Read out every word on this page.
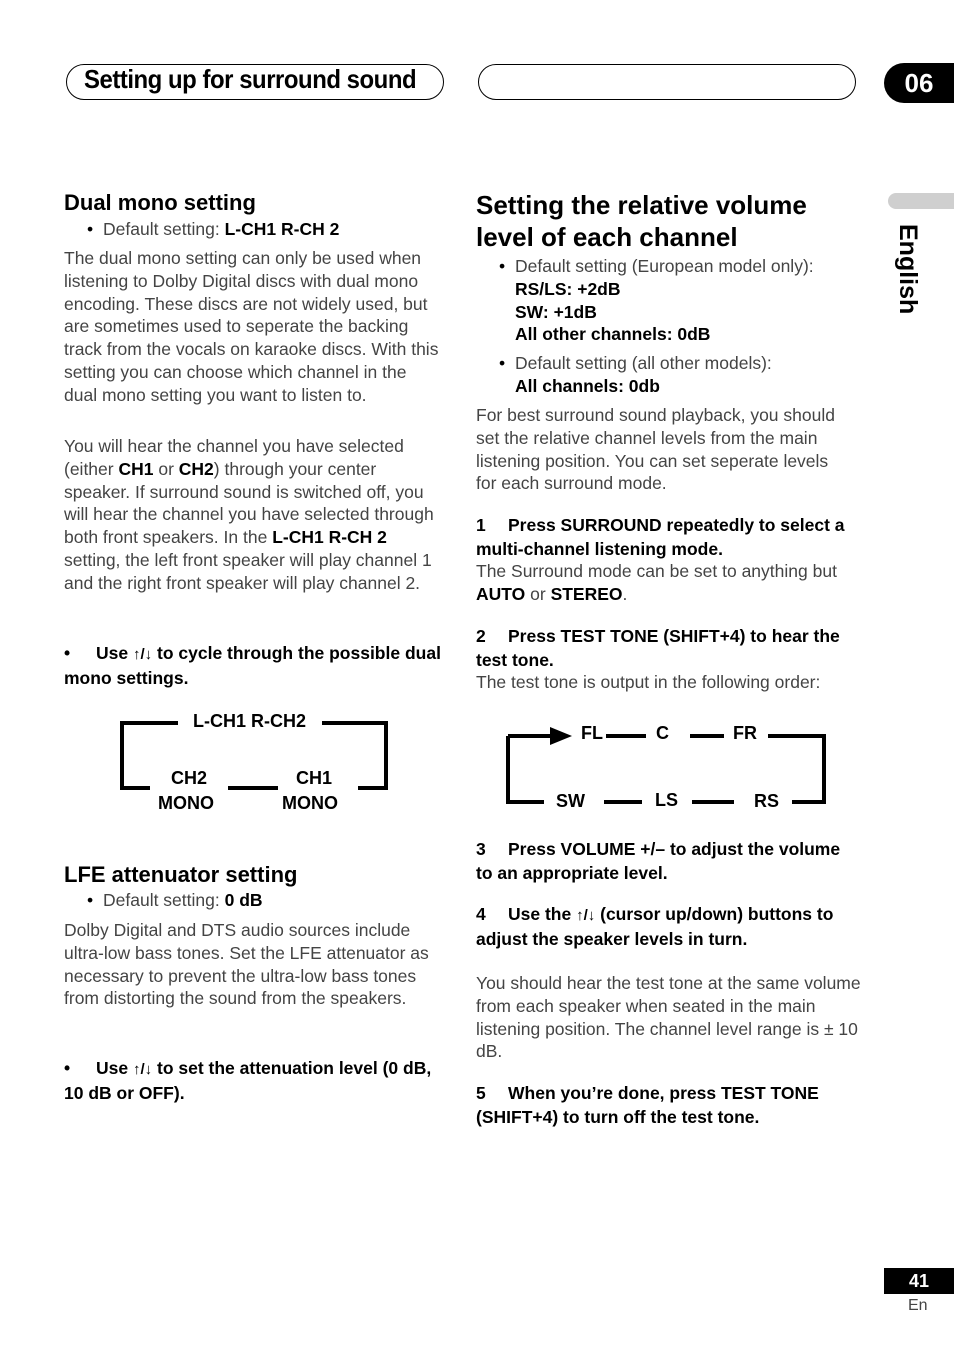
Setting up for surround sound	06
English
Dual mono setting
• Default setting: L-CH1 R-CH 2
The dual mono setting can only be used when listening to Dolby Digital discs with dual mono encoding. These discs are not widely used, but are sometimes used to seperate the backing track from the vocals on karaoke discs. With this setting you can choose which channel in the dual mono setting you want to listen to.
You will hear the channel you have selected (either CH1 or CH2) through your center speaker. If surround sound is switched off, you will hear the channel you have selected through both front speakers. In the L-CH1 R-CH 2 setting, the left front speaker will play channel 1 and the right front speaker will play channel 2.
• Use ↑/↓ to cycle through the possible dual mono settings.
L-CH1 R-CH2
CH2
MONO
CH1
MONO
LFE attenuator setting
• Default setting: 0 dB
Dolby Digital and DTS audio sources include ultra-low bass tones. Set the LFE attenuator as necessary to prevent the ultra-low bass tones from distorting the sound from the speakers.
• Use ↑/↓ to set the attenuation level (0 dB, 10 dB or OFF).
Setting the relative volume level of each channel
• Default setting (European model only):
RS/LS: +2dB
SW: +1dB
All other channels: 0dB
• Default setting (all other models):
All channels: 0db
For best surround sound playback, you should set the relative channel levels from the main listening position. You can set seperate levels for each surround mode.
1 Press SURROUND repeatedly to select a multi-channel listening mode.
The Surround mode can be set to anything but AUTO or STEREO.
2 Press TEST TONE (SHIFT+4) to hear the test tone.
The test tone is output in the following order:
FL	C	FR
SW	LS	RS
3 Press VOLUME +/– to adjust the volume to an appropriate level.
4 Use the ↑/↓ (cursor up/down) buttons to adjust the speaker levels in turn.
You should hear the test tone at the same volume from each speaker when seated in the main listening position. The channel level range is ± 10 dB.
5 When you’re done, press TEST TONE (SHIFT+4) to turn off the test tone.
41
En
